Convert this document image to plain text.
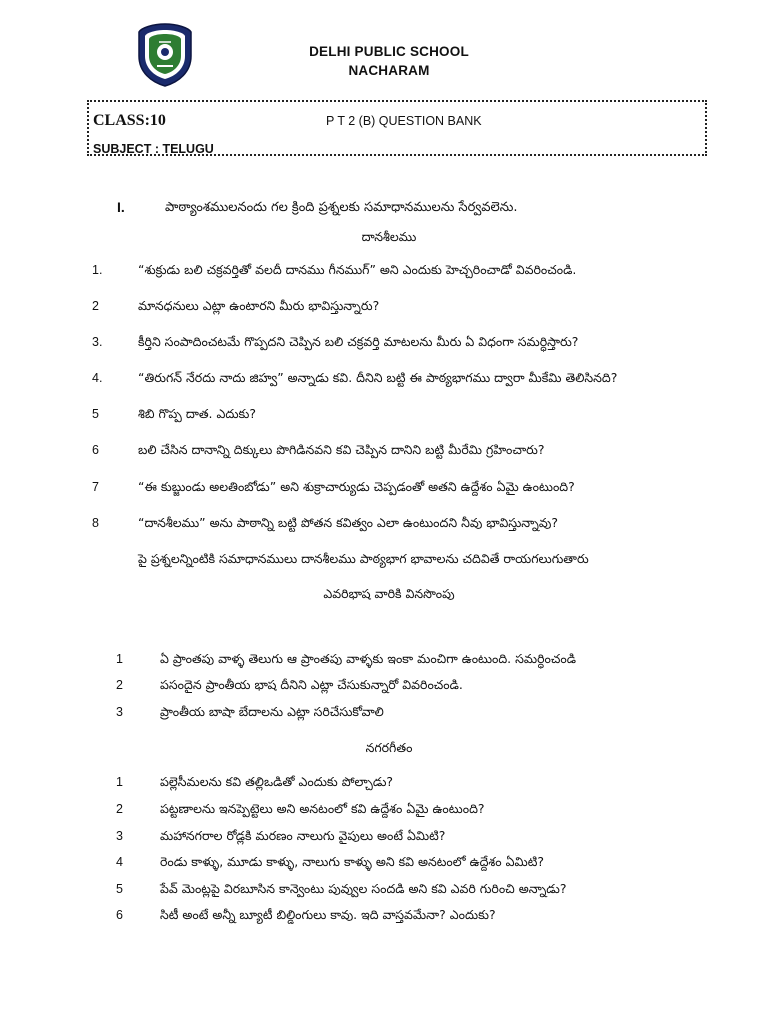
DELHI PUBLIC SCHOOL
NACHARAM
CLASS:10	P T 2 (B) QUESTION BANK
SUBJECT : TELUGU
I.	పాఠ్యాంశములనందు గల క్రింది ప్రశ్నలకు సమాధానములను సేర్వవలెను.
దానశీలము
1.	“శుక్రుడు బలి చక్రవర్తితో వలదీ దానము గీనముగ్” అని ఎందుకు హెచ్చరించాడో వివరించండి.
2	మానధనులు ఎట్లా ఉంటారని మీరు భావిస్తున్నారు?
3.	కీర్తిని సంపాదించటమే గొప్పదని చెప్పిన బలి చక్రవర్తి మాటలను మీరు ఏ విధంగా సమర్ధిస్తారు?
4.	“తిరుగన్ నేరదు నాదు జిహ్వ” అన్నాడు కవి. దీనిని బట్టి ఈ పాఠ్యభాగము ద్వారా మీకేమి తెలిసినది?
5	శిబి గొప్ప దాత. ఎదుకు?
6	బలి చేసిన దానాన్ని దిక్కులు పొగిడినవని కవి చెప్పిన దానిని బట్టి మీరేమి గ్రహించారు?
7	“ఈ కుబ్జుండు అలతింబోడు” అని శుక్రాచార్యుడు చెప్పడంతో అతని ఉద్దేశం ఏమై ఉంటుంది?
8	“దానశీలము” అను పాఠాన్ని బట్టి పోతన కవిత్వం ఎలా ఉంటుందని నీవు భావిస్తున్నావు?
పై ప్రశ్నలన్నింటికి సమాధానములు దానశీలము పాఠ్యభాగ భావాలను చదివితే రాయగలుగుతారు
ఎవరిభాష వారికి వినసొంపు
1	ఏ ప్రాంతపు వాళ్ళ తెలుగు ఆ ప్రాంతపు వాళ్ళకు ఇంకా మంచిగా ఉంటుంది. సమర్ధించండి
2	పసందైన ప్రాంతీయ భాష దీనిని ఎట్లా చేసుకున్నారో వివరించండి.
3	ప్రాంతీయ బాషా బేదాలను ఎట్లా సరిచేసుకోవాలి
నగరగీతం
1	పల్లెసీమలను కవి తల్లిఒడితో ఎందుకు పోల్చాడు?
2	పట్టణాలను ఇనప్పెట్టెలు అని అనటంలో కవి ఉద్దేశం ఏమై ఉంటుంది?
3	మహానగరాల రోడ్లకి మరణం నాలుగు వైపులు అంటే ఏమిటి?
4	రెండు కాళ్ళు, మూడు కాళ్ళు, నాలుగు కాళ్ళు అని కవి అనటంలో ఉద్దేశం ఏమిటి?
5	పేవ్ మెంట్లపై విరబూసిన కాన్వెంటు పువ్వుల సందడి అని కవి ఎవరి గురించి అన్నాడు?
6	సిటీ అంటే అన్నీ బ్యూటీ బిల్డింగులు కావు. ఇది వాస్తవమేనా? ఎందుకు?
